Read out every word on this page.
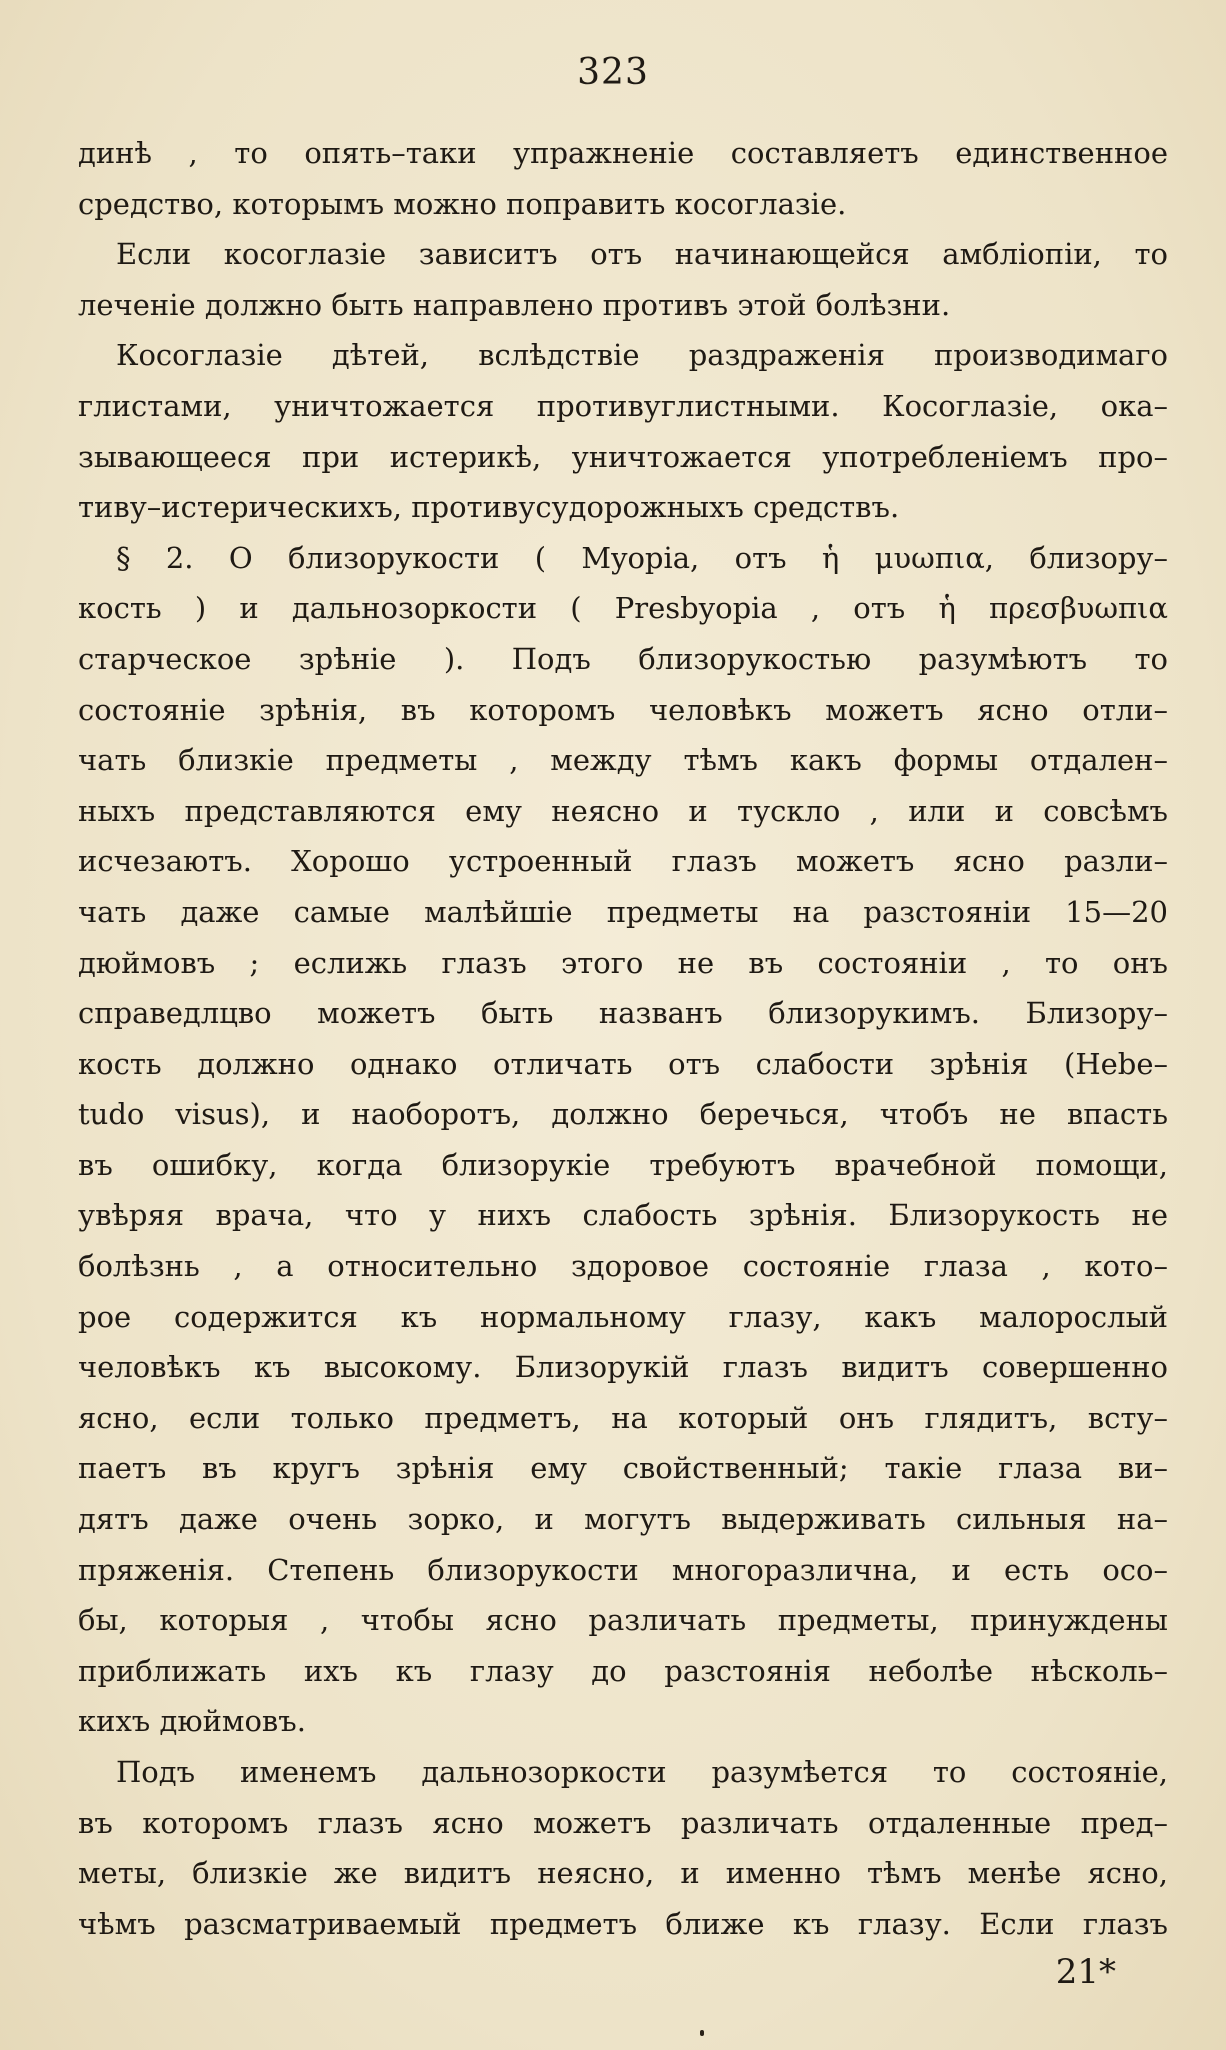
323
динѣ , то опять–таки упражненіе составляетъ единственное
средство, которымъ можно поправить косоглазіе.
Если косоглазіе зависитъ отъ начинающейся амбліопіи, то
леченіе должно быть направлено противъ этой болѣзни.
Косоглазіе дѣтей, вслѣдствіе раздраженія производимаго
глистами, уничтожается противуглистными. Косоглазіе, ока–
зывающееся при истерикѣ, уничтожается употребленіемъ про–
тиву–истерическихъ, противусудорожныхъ средствъ.
§ 2. О близорукости ( Myopia, отъ ἡ μυωπια, близору–
кость ) и дальнозоркости ( Presbyopia , отъ ἡ πρεσβυωπια
старческое зрѣніе ). Подъ близорукостью разумѣютъ то
состояніе зрѣнія, въ которомъ человѣкъ можетъ ясно отли–
чать близкіе предметы , между тѣмъ какъ формы отдален–
ныхъ представляются ему неясно и тускло , или и совсѣмъ
исчезаютъ. Хорошо устроенный глазъ можетъ ясно разли–
чать даже самые малѣйшіе предметы на разстояніи 15—20
дюймовъ ; еслижь глазъ этого не въ состояніи , то онъ
справедлцво можетъ быть названъ близорукимъ. Близору–
кость должно однако отличать отъ слабости зрѣнія (Hebe–
tudo visus), и наоборотъ, должно беречься, чтобъ не впасть
въ ошибку, когда близорукіе требуютъ врачебной помощи,
увѣряя врача, что у нихъ слабость зрѣнія. Близорукость не
болѣзнь , а относительно здоровое состояніе глаза , кото–
рое содержится къ нормальному глазу, какъ малорослый
человѣкъ къ высокому. Близорукій глазъ видитъ совершенно
ясно, если только предметъ, на который онъ глядитъ, всту–
паетъ въ кругъ зрѣнія ему свойственный; такіе глаза ви–
дятъ даже очень зорко, и могутъ выдерживать сильныя на–
пряженія. Степень близорукости многоразлична, и есть осо–
бы, которыя , чтобы ясно различать предметы, принуждены
приближать ихъ къ глазу до разстоянія неболѣе нѣсколь–
кихъ дюймовъ.
Подъ именемъ дальнозоркости разумѣется то состояніе,
въ которомъ глазъ ясно можетъ различать отдаленные пред–
меты, близкіе же видитъ неясно, и именно тѣмъ менѣе ясно,
чѣмъ разсматриваемый предметъ ближе къ глазу. Если глазъ
21*
